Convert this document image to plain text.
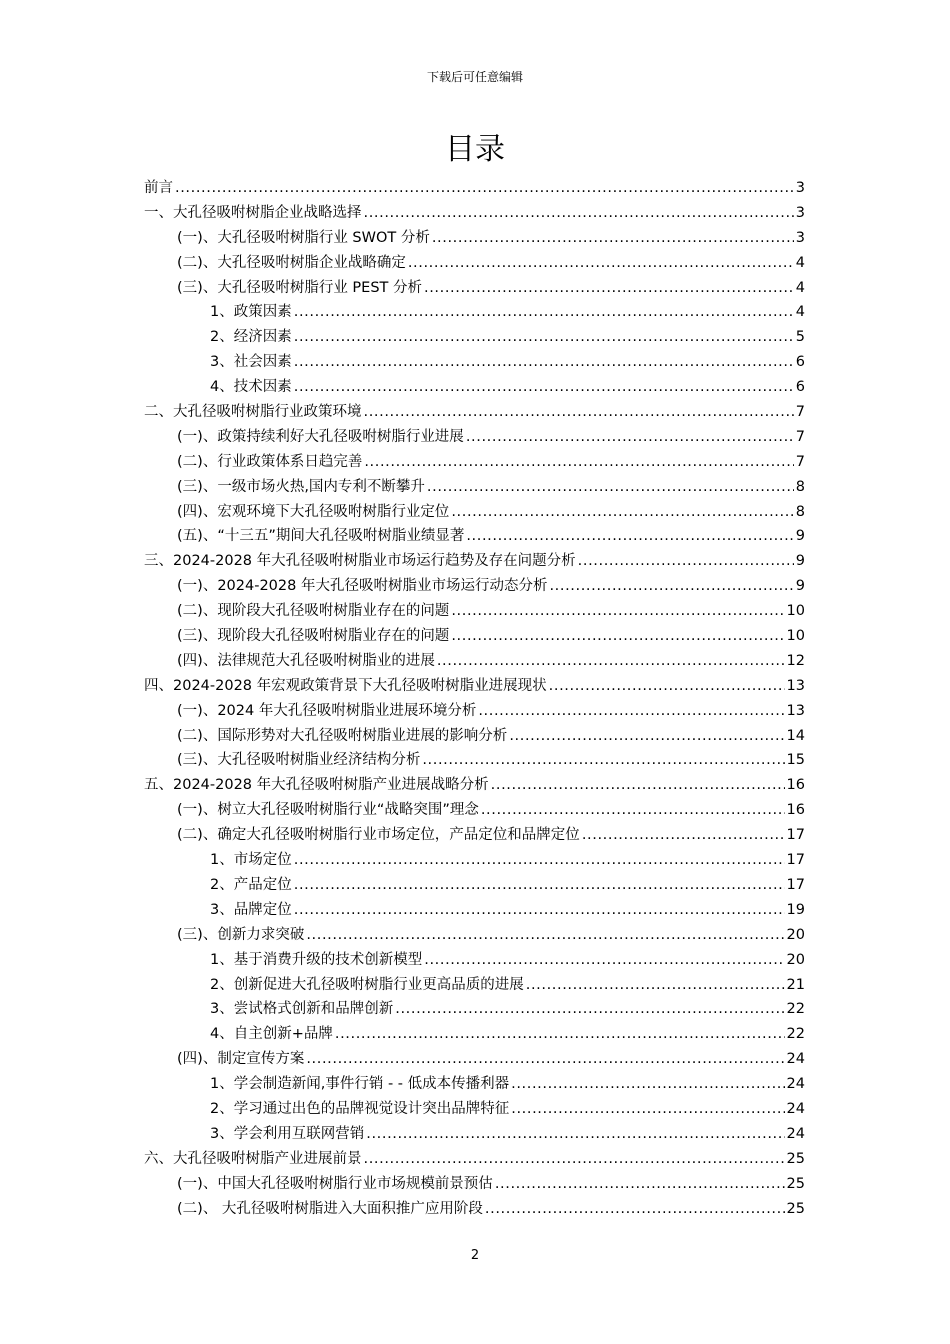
下载后可任意编辑
目录
前言 .....	3
一、大孔径吸咐树脂企业战略选择 .....	3
(一)、大孔径吸咐树脂行业 SWOT 分析 .....	3
(二)、大孔径吸咐树脂企业战略确定 .....	4
(三)、大孔径吸咐树脂行业 PEST 分析 .....	4
1、政策因素 .....	4
2、经济因素 .....	5
3、社会因素 .....	6
4、技术因素 .....	6
二、大孔径吸咐树脂行业政策环境 .....	7
(一)、政策持续利好大孔径吸咐树脂行业进展 .....	7
(二)、行业政策体系日趋完善 .....	7
(三)、一级市场火热,国内专利不断攀升 .....	8
(四)、宏观环境下大孔径吸咐树脂行业定位 .....	8
(五)、“十三五”期间大孔径吸咐树脂业绩显著 .....	9
三、2024-2028 年大孔径吸咐树脂业市场运行趋势及存在问题分析 .....	9
(一)、2024-2028 年大孔径吸咐树脂业市场运行动态分析 .....	9
(二)、现阶段大孔径吸咐树脂业存在的问题 .....	10
(三)、现阶段大孔径吸咐树脂业存在的问题 .....	10
(四)、法律规范大孔径吸咐树脂业的进展 .....	12
四、2024-2028 年宏观政策背景下大孔径吸咐树脂业进展现状 .....	13
(一)、2024 年大孔径吸咐树脂业进展环境分析 .....	13
(二)、国际形势对大孔径吸咐树脂业进展的影响分析 .....	14
(三)、大孔径吸咐树脂业经济结构分析 .....	15
五、2024-2028 年大孔径吸咐树脂产业进展战略分析 .....	16
(一)、树立大孔径吸咐树脂行业“战略突围”理念 .....	16
(二)、确定大孔径吸咐树脂行业市场定位，产品定位和品牌定位 .....	17
1、市场定位 .....	17
2、产品定位 .....	17
3、品牌定位 .....	19
(三)、创新力求突破 .....	20
1、基于消费升级的技术创新模型 .....	20
2、创新促进大孔径吸咐树脂行业更高品质的进展 .....	21
3、尝试格式创新和品牌创新 .....	22
4、自主创新+品牌 .....	22
(四)、制定宣传方案 .....	24
1、学会制造新闻,事件行销 - - 低成本传播利器 .....	24
2、学习通过出色的品牌视觉设计突出品牌特征 .....	24
3、学会利用互联网营销 .....	24
六、大孔径吸咐树脂产业进展前景 .....	25
(一)、中国大孔径吸咐树脂行业市场规模前景预估 .....	25
(二)、 大孔径吸咐树脂进入大面积推广应用阶段 .....	25
2
